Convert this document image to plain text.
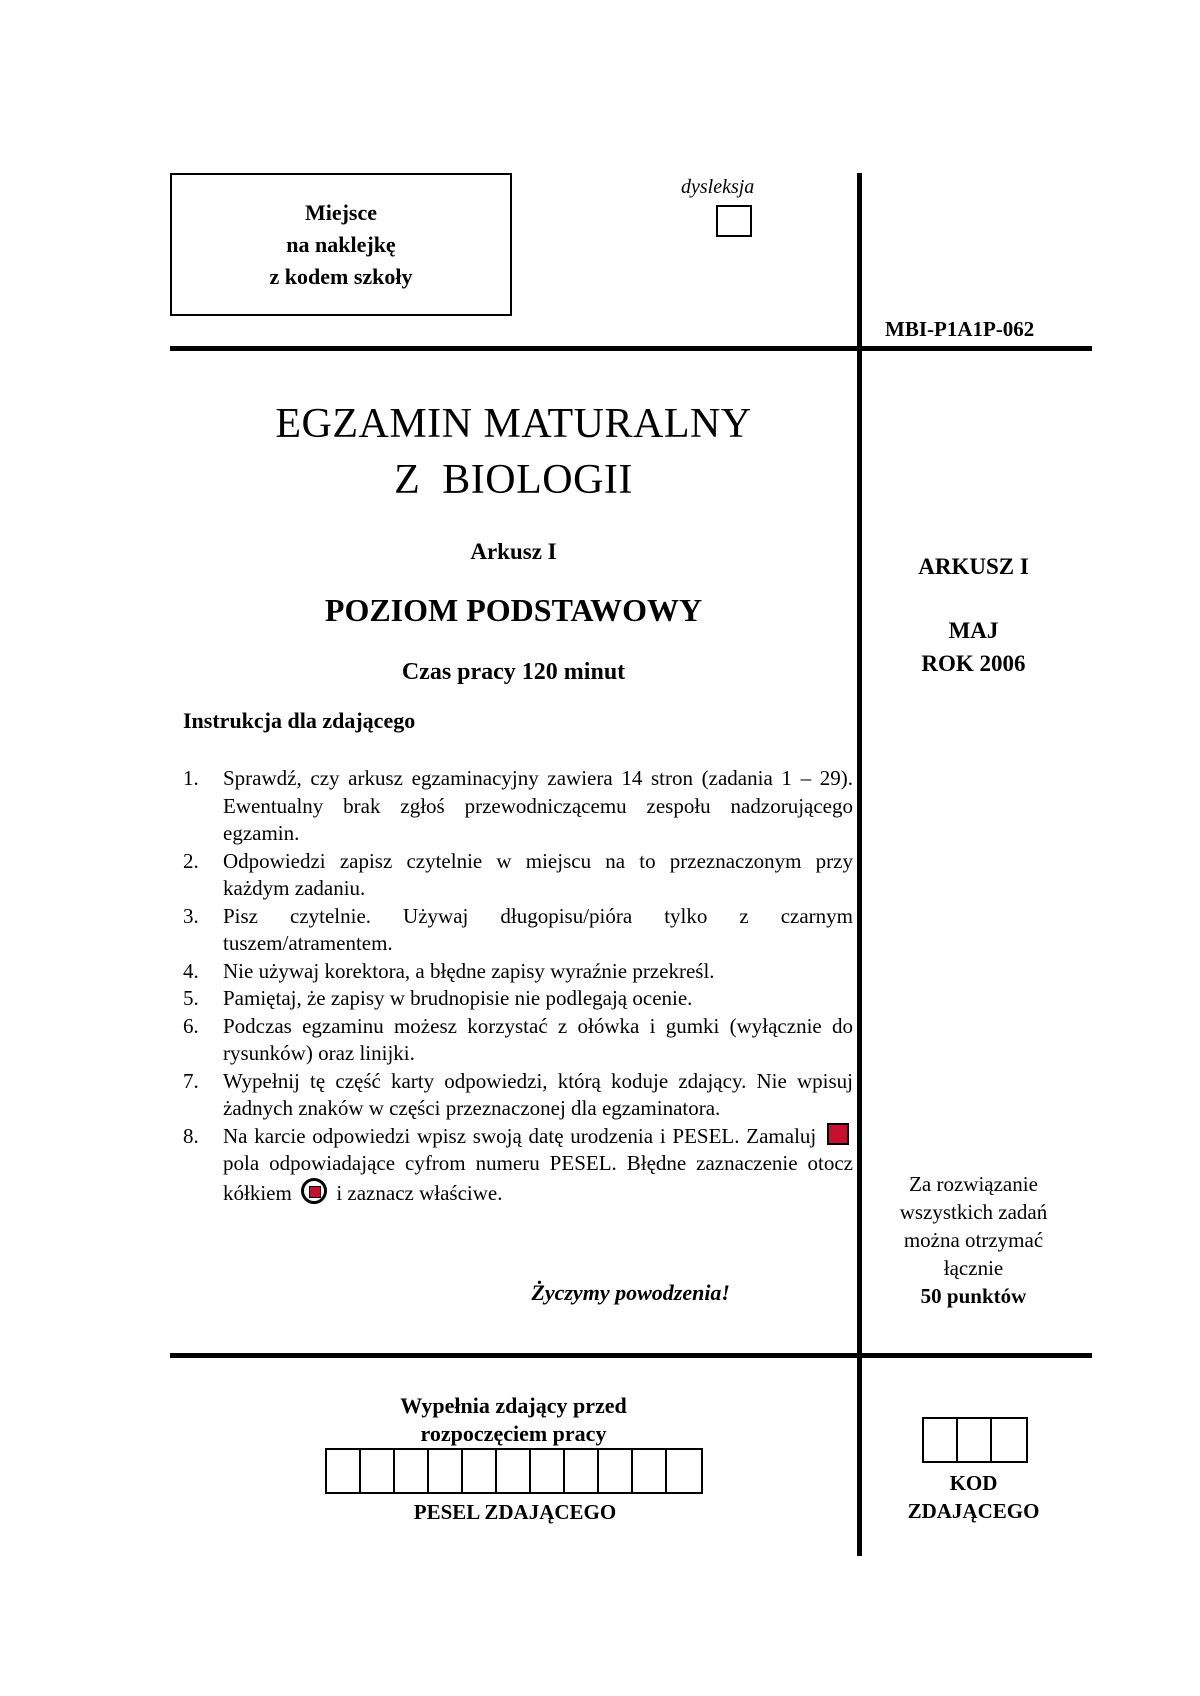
Miejsce
na naklejkę
z kodem szkoły
dysleksja
MBI-P1A1P-062
EGZAMIN MATURALNY
Z  BIOLOGII
Arkusz I
POZIOM PODSTAWOWY
Czas pracy 120 minut
ARKUSZ I
MAJ
ROK 2006
Za rozwiązanie
wszystkich zadań
można otrzymać
łącznie
50 punktów
Instrukcja dla zdającego
1.	Sprawdź, czy arkusz egzaminacyjny zawiera 14 stron (zadania 1 – 29). Ewentualny brak zgłoś przewodniczącemu zespołu nadzorującego egzamin.
2.	Odpowiedzi zapisz czytelnie w miejscu na to przeznaczonym przy każdym zadaniu.
3.	Pisz czytelnie. Używaj długopisu/pióra tylko z czarnym tuszem/atramentem.
4.	Nie używaj korektora, a błędne zapisy wyraźnie przekreśl.
5.	Pamiętaj, że zapisy w brudnopisie nie podlegają ocenie.
6.	Podczas egzaminu możesz korzystać z ołówka i gumki (wyłącznie do rysunków) oraz linijki.
7.	Wypełnij tę część karty odpowiedzi, którą koduje zdający. Nie wpisuj żadnych znaków w części przeznaczonej dla egzaminatora.
8.	Na karcie odpowiedzi wpisz swoją datę urodzenia i PESEL. Zamaluj  pola odpowiadające cyfrom numeru PESEL. Błędne zaznaczenie otocz kółkiem i zaznacz właściwe.
Życzymy powodzenia!
Wypełnia zdający przed
rozpoczęciem pracy
PESEL ZDAJĄCEGO
KOD
ZDAJĄCEGO
